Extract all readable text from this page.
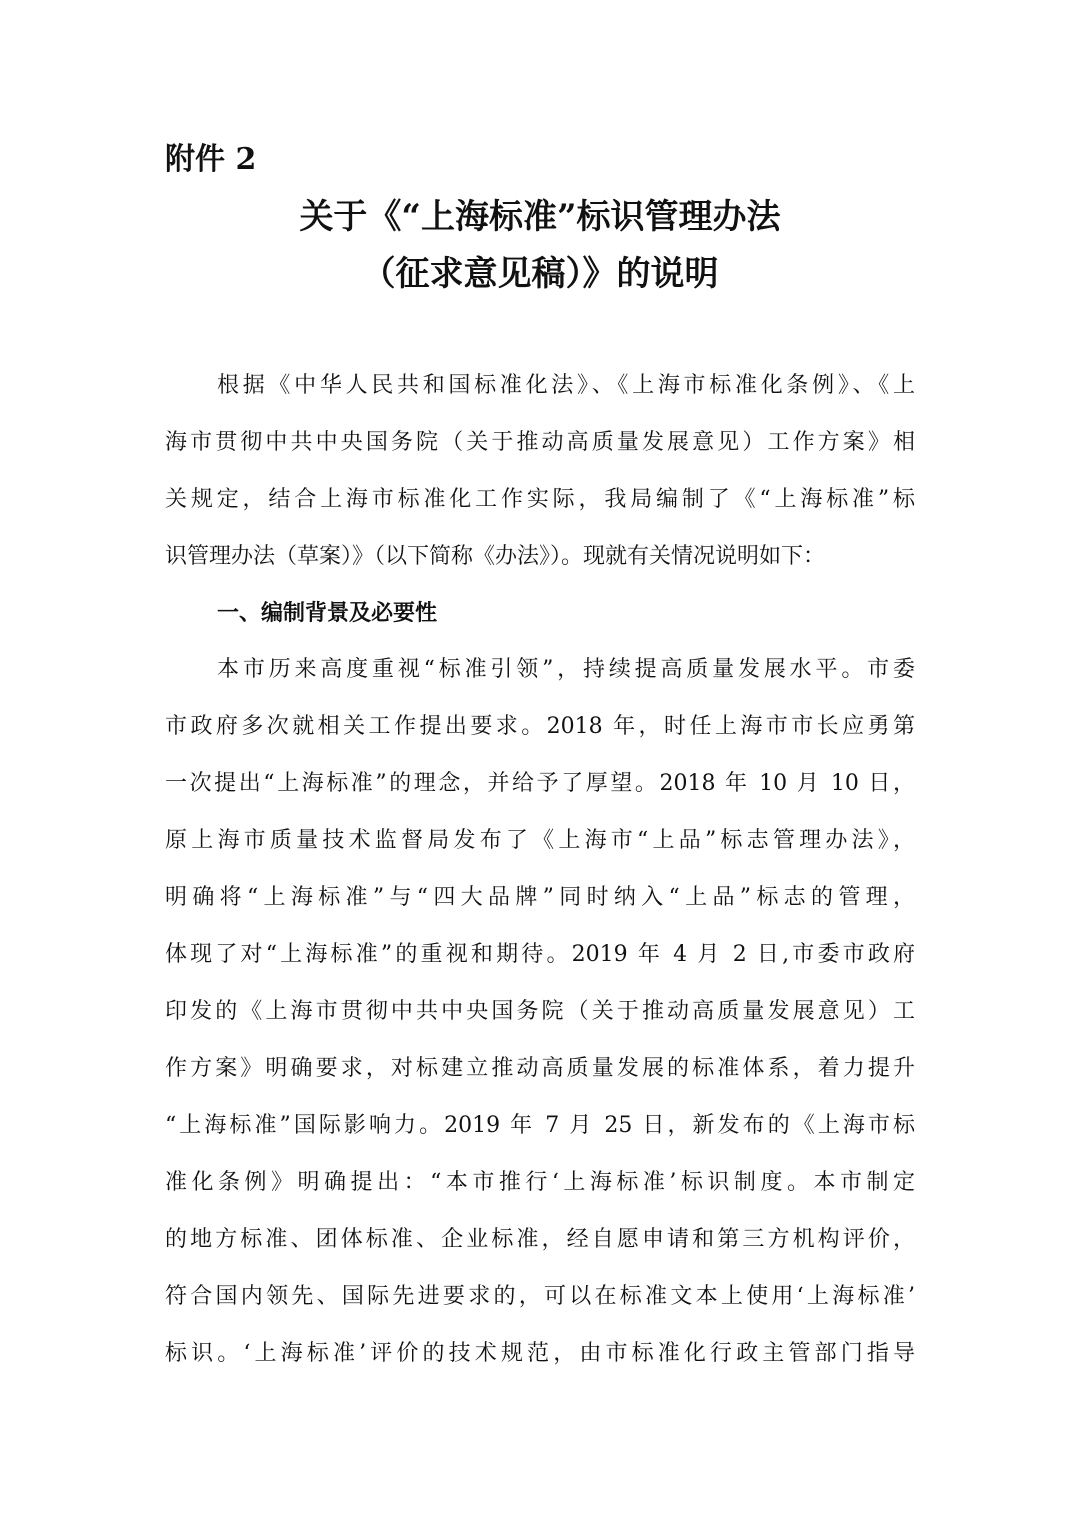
附件 2
关于《“上海标准”标识管理办法
（征求意见稿）》的说明
根据《中华人民共和国标准化法》、《上海市标准化条例》、《上
海市贯彻中共中央国务院（关于推动高质量发展意见）工作方案》相
关规定，结合上海市标准化工作实际，我局编制了《“上海标准”标
识管理办法（草案）》（以下简称《办法》）。现就有关情况说明如下：
一、编制背景及必要性
本市历来高度重视“标准引领”，持续提高质量发展水平。市委
市政府多次就相关工作提出要求。2018 年，时任上海市市长应勇第
一次提出“上海标准”的理念，并给予了厚望。2018 年 10 月 10 日，
原上海市质量技术监督局发布了《上海市“上品”标志管理办法》，
明确将“上海标准”与“四大品牌”同时纳入“上品”标志的管理，
体现了对“上海标准”的重视和期待。2019 年 4 月 2 日,市委市政府
印发的《上海市贯彻中共中央国务院（关于推动高质量发展意见）工
作方案》明确要求，对标建立推动高质量发展的标准体系，着力提升
“上海标准”国际影响力。2019 年 7 月 25 日，新发布的《上海市标
准化条例》明确提出：“本市推行‘上海标准’标识制度。本市制定
的地方标准、团体标准、企业标准，经自愿申请和第三方机构评价，
符合国内领先、国际先进要求的，可以在标准文本上使用‘上海标准’
标识。‘上海标准’评价的技术规范，由市标准化行政主管部门指导
